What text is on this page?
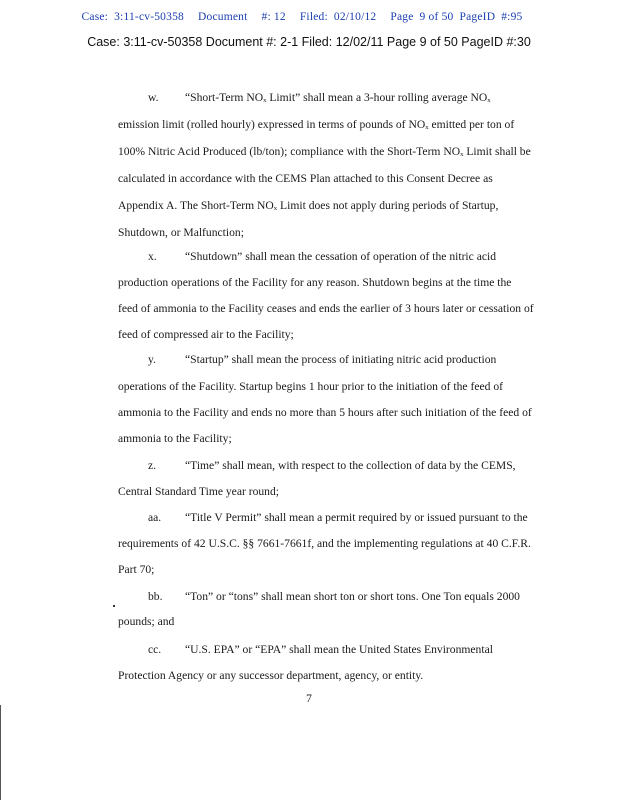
Case: 3:11-cv-50358 Document #: 12 Filed: 02/10/12 Page 9 of 50 PageID #:95
Case: 3:11-cv-50358 Document #: 2-1 Filed: 12/02/11 Page 9 of 50 PageID #:30
w. “Short-Term NOₓ Limit” shall mean a 3-hour rolling average NOₓ
emission limit (rolled hourly) expressed in terms of pounds of NOₓ emitted per ton of
100% Nitric Acid Produced (lb/ton); compliance with the Short-Term NOₓ Limit shall be
calculated in accordance with the CEMS Plan attached to this Consent Decree as
Appendix A. The Short-Term NOₓ Limit does not apply during periods of Startup,
Shutdown, or Malfunction;
x. “Shutdown” shall mean the cessation of operation of the nitric acid
production operations of the Facility for any reason. Shutdown begins at the time the
feed of ammonia to the Facility ceases and ends the earlier of 3 hours later or cessation of
feed of compressed air to the Facility;
y.	“Startup” shall mean the process of initiating nitric acid production
operations of the Facility. Startup begins 1 hour prior to the initiation of the feed of
ammonia to the Facility and ends no more than 5 hours after such initiation of the feed of
ammonia to the Facility;
z. “Time” shall mean, with respect to the collection of data by the CEMS,
Central Standard Time year round;
aa. “Title V Permit” shall mean a permit required by or issued pursuant to the
requirements of 42 U.S.C. §§ 7661-7661f, and the implementing regulations at 40 C.F.R.
Part 70;
bb. “Ton” or “tons” shall mean short ton or short tons. One Ton equals 2000
pounds; and
cc. “U.S. EPA” or “EPA” shall mean the United States Environmental
Protection Agency or any successor department, agency, or entity.
7
